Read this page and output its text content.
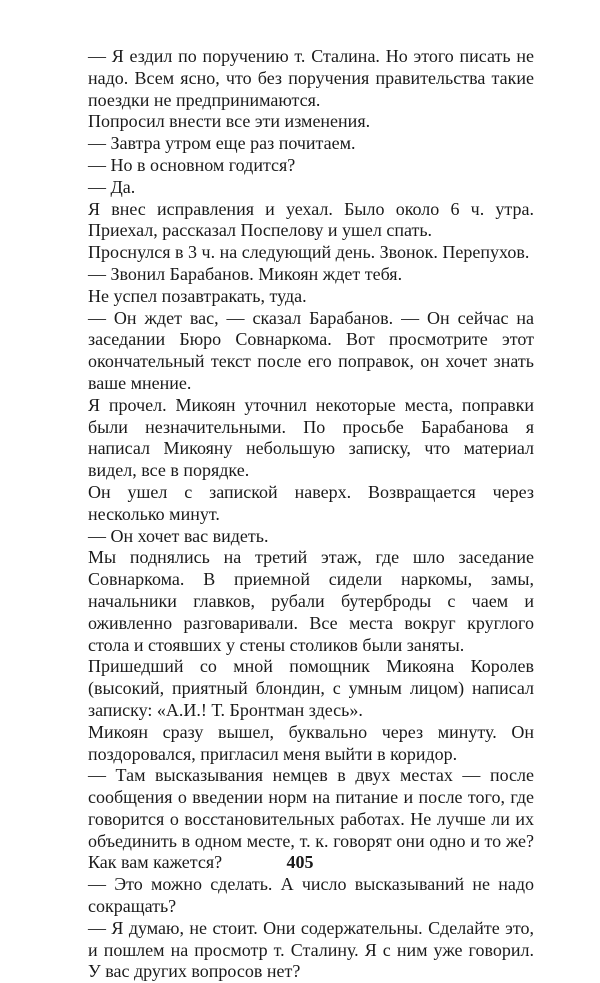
— Я ездил по поручению т. Сталина. Но этого писать не надо. Всем ясно, что без поручения правительства такие поездки не предпринимаются.

Попросил внести все эти изменения.

— Завтра утром еще раз почитаем.

— Но в основном годится?

— Да.

Я внес исправления и уехал. Было около 6 ч. утра. Приехал, рассказал Поспелову и ушел спать.

Проснулся в 3 ч. на следующий день. Звонок. Перепухов.

— Звонил Барабанов. Микоян ждет тебя.

Не успел позавтракать, туда.

— Он ждет вас, — сказал Барабанов. — Он сейчас на заседании Бюро Совнаркома. Вот просмотрите этот окончательный текст после его поправок, он хочет знать ваше мнение.

Я прочел. Микоян уточнил некоторые места, поправки были незначительными. По просьбе Барабанова я написал Микояну небольшую записку, что материал видел, все в порядке.

Он ушел с запиской наверх. Возвращается через несколько минут.

— Он хочет вас видеть.

Мы поднялись на третий этаж, где шло заседание Совнаркома. В приемной сидели наркомы, замы, начальники главков, рубали бутерброды с чаем и оживленно разговаривали. Все места вокруг круглого стола и стоявших у стены столиков были заняты.

Пришедший со мной помощник Микояна Королев (высокий, приятный блондин, с умным лицом) написал записку: «А.И.! Т. Бронтман здесь».

Микоян сразу вышел, буквально через минуту. Он поздоровался, пригласил меня выйти в коридор.

— Там высказывания немцев в двух местах — после сообщения о введении норм на питание и после того, где говорится о восстановительных работах. Не лучше ли их объединить в одном месте, т. к. говорят они одно и то же? Как вам кажется?

— Это можно сделать. А число высказываний не надо сокращать?

— Я думаю, не стоит. Они содержательны. Сделайте это, и пошлем на просмотр т. Сталину. Я с ним уже говорил. У вас других вопросов нет?

405
